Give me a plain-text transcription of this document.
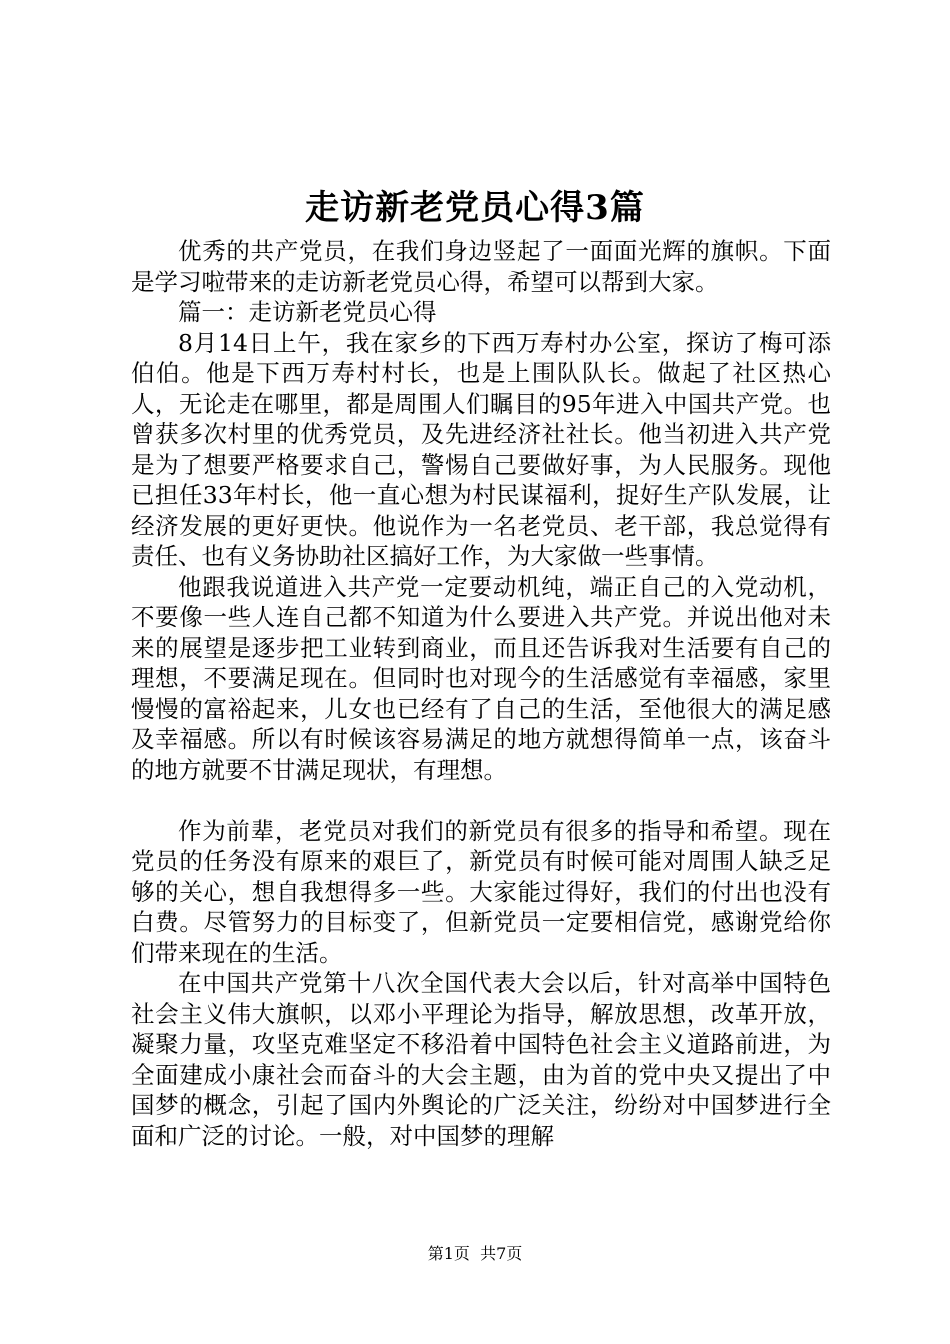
走访新老党员心得3篇

优秀的共产党员，在我们身边竖起了一面面光辉的旗帜。下面是学习啦带来的走访新老党员心得，希望可以帮到大家。

篇一：走访新老党员心得

8月14日上午，我在家乡的下西万寿村办公室，探访了梅可添伯伯。他是下西万寿村村长，也是上围队队长。做起了社区热心人，无论走在哪里，都是周围人们瞩目的95年进入中国共产党。也曾获多次村里的优秀党员，及先进经济社社长。他当初进入共产党是为了想要严格要求自己，警惕自己要做好事，为人民服务。现他已担任33年村长，他一直心想为村民谋福利，捉好生产队发展，让经济发展的更好更快。他说作为一名老党员、老干部，我总觉得有责任、也有义务协助社区搞好工作，为大家做一些事情。

他跟我说道进入共产党一定要动机纯，端正自己的入党动机，不要像一些人连自己都不知道为什么要进入共产党。并说出他对未来的展望是逐步把工业转到商业，而且还告诉我对生活要有自己的理想，不要满足现在。但同时也对现今的生活感觉有幸福感，家里慢慢的富裕起来，儿女也已经有了自己的生活，至他很大的满足感及幸福感。所以有时候该容易满足的地方就想得简单一点，该奋斗的地方就要不甘满足现状，有理想。

作为前辈，老党员对我们的新党员有很多的指导和希望。现在党员的任务没有原来的艰巨了，新党员有时候可能对周围人缺乏足够的关心，想自我想得多一些。大家能过得好，我们的付出也没有白费。尽管努力的目标变了，但新党员一定要相信党，感谢党给你们带来现在的生活。

在中国共产党第十八次全国代表大会以后，针对高举中国特色社会主义伟大旗帜，以邓小平理论为指导，解放思想，改革开放，凝聚力量，攻坚克难坚定不移沿着中国特色社会主义道路前进，为全面建成小康社会而奋斗的大会主题，由为首的党中央又提出了中国梦的概念，引起了国内外舆论的广泛关注，纷纷对中国梦进行全面和广泛的讨论。一般，对中国梦的理解

第1页 共7页
